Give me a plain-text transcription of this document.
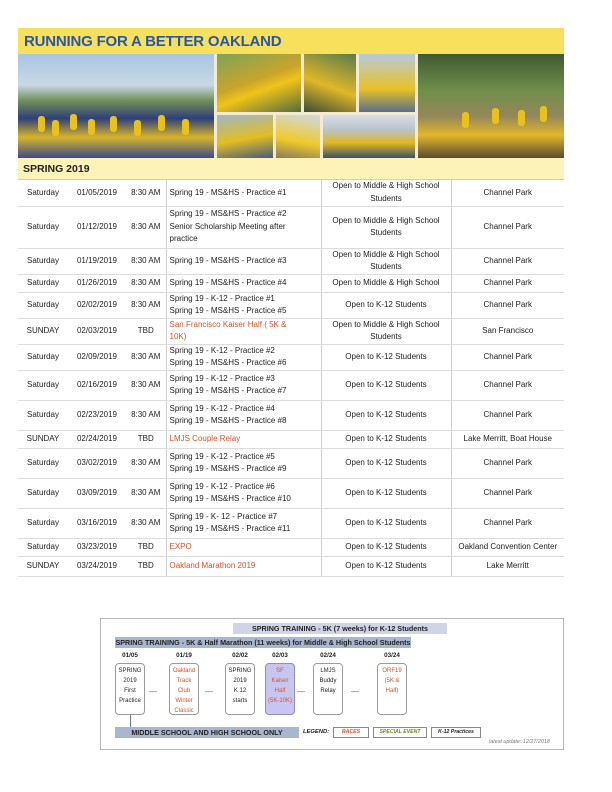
RUNNING FOR A BETTER OAKLAND
SPRING 2019
Saturday	01/05/2019	8:30 AM	Spring 19 - MS&HS - Practice #1	Open to Middle & High School Students	Channel Park
Saturday	01/12/2019	8:30 AM	Spring 19 - MS&HS - Practice #2
Senior Scholarship Meeting after
practice	Open to Middle & High School Students	Channel Park
Saturday	01/19/2019	8:30 AM	Spring 19 - MS&HS - Practice #3	Open to Middle & High School Students	Channel Park
Saturday	01/26/2019	8:30 AM	Spring 19 - MS&HS - Practice #4	Open to Middle & High School	Channel Park
Saturday	02/02/2019	8:30 AM	Spring 19 - K-12 - Practice #1
Spring 19 - MS&HS - Practice #5	Open to K-12 Students	Channel Park
SUNDAY	02/03/2019	TBD	San Francisco Kaiser Half ( 5K &
10K)	Open to Middle & High School Students	San Francisco
Saturday	02/09/2019	8:30 AM	Spring 19 - K-12 - Practice #2
Spring 19 - MS&HS - Practice #6	Open to K-12 Students	Channel Park
Saturday	02/16/2019	8:30 AM	Spring 19 - K-12 - Practice #3
Spring 19 - MS&HS - Practice #7	Open to K-12 Students	Channel Park
Saturday	02/23/2019	8:30 AM	Spring 19 - K-12 - Practice #4
Spring 19 - MS&HS - Practice #8	Open to K-12 Students	Channel Park
SUNDAY	02/24/2019	TBD	LMJS Couple Relay	Open to K-12 Students	Lake Merritt, Boat House
Saturday	03/02/2019	8:30 AM	Spring 19 - K-12 - Practice #5
Spring 19 - MS&HS - Practice #9	Open to K-12 Students	Channel Park
Saturday	03/09/2019	8:30 AM	Spring 19 - K-12 - Practice #6
Spring 19 - MS&HS - Practice #10	Open to K-12 Students	Channel Park
Saturday	03/16/2019	8:30 AM	Spring 19 - K- 12 - Practice #7
Spring 19 - MS&HS - Practice #11	Open to K-12 Students	Channel Park
Saturday	03/23/2019	TBD	EXPO	Open to K-12 Students	Oakland Convention Center
SUNDAY	03/24/2019	TBD	Oakland Marathon 2019	Open to K-12 Students	Lake Merritt
SPRING TRAINING - 5K (7 weeks) for K-12 Students
SPRING TRAINING - 5K & Half Marathon (11 weeks) for Middle & High School Students
01/05
SPRING
2019
First
Practice
01/19
Oakland
Track Club
Winter
Classic
02/02
SPRING
2019
K 12
starts
02/03
SF
Kaiser
Half
(5K-10K)
02/24
LMJS
Buddy
Relay
03/24
ORF19
(5K &
Half)
—	—	—	—
MIDDLE SCHOOL AND HIGH SCHOOL ONLY	LEGEND:	RACES	SPECIAL EVENT	K-12 Practices
latest update: 12/27/2018
